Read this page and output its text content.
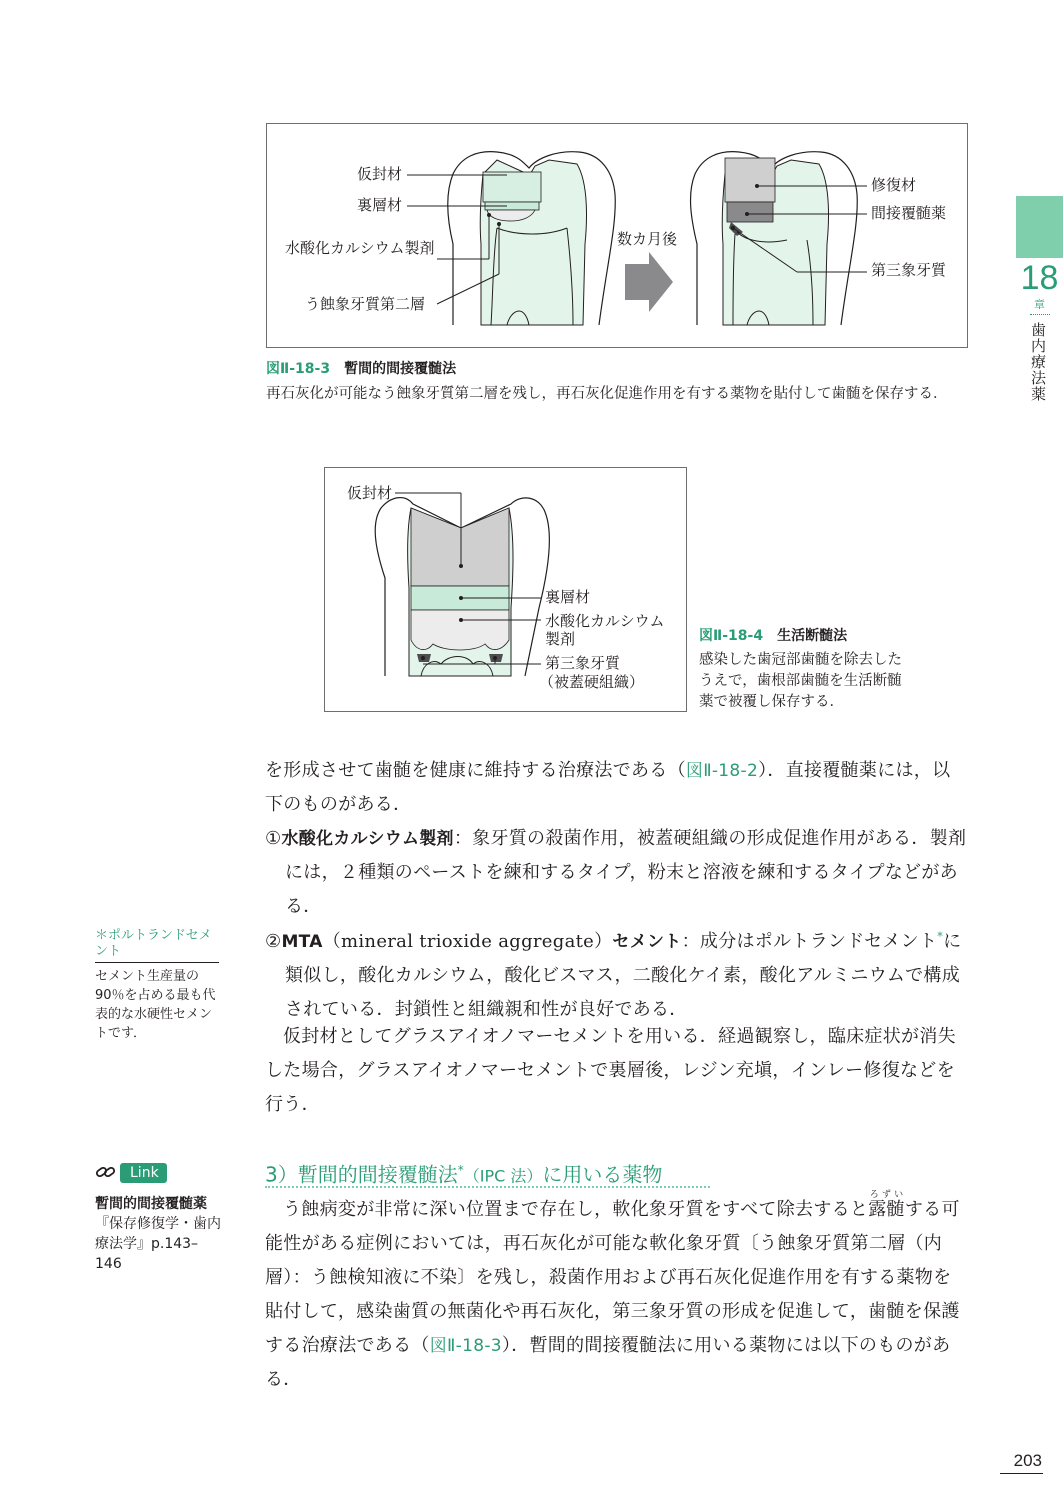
18
章
歯内療法薬
仮封材
裏層材
水酸化カルシウム製剤
う蝕象牙質第二層
数カ月後
修復材
間接覆髄薬
第三象牙質
図Ⅱ-18-3 暫間的間接覆髄法
再石灰化が可能なう蝕象牙質第二層を残し，再石灰化促進作用を有する薬物を貼付して歯髄を保存する．
仮封材
裏層材
水酸化カルシウム
製剤
第三象牙質
（被蓋硬組織）
図Ⅱ-18-4 生活断髄法
感染した歯冠部歯髄を除去したうえで，歯根部歯髄を生活断髄薬で被覆し保存する．
を形成させて歯髄を健康に維持する治療法である（図Ⅱ-18-2）．直接覆髄薬には，以下のものがある．
①水酸化カルシウム製剤：象牙質の殺菌作用，被蓋硬組織の形成促進作用がある．製剤には，２種類のペーストを練和するタイプ，粉末と溶液を練和するタイプなどがある．
②MTA（mineral trioxide aggregate）セメント：成分はポルトランドセメント*に類似し，酸化カルシウム，酸化ビスマス，二酸化ケイ素，酸化アルミニウムで構成されている．封鎖性と組織親和性が良好である．
仮封材としてグラスアイオノマーセメントを用いる．経過観察し，臨床症状が消失した場合，グラスアイオノマーセメントで裏層後，レジン充塡，インレー修復などを行う．
3）暫間的間接覆髄法*（IPC 法）に用いる薬物
う蝕病変が非常に深い位置まで存在し，軟化象牙質をすべて除去すると露髄ろずいする可能性がある症例においては，再石灰化が可能な軟化象牙質〔う蝕象牙質第二層（内層）：う蝕検知液に不染〕を残し，殺菌作用および再石灰化促進作用を有する薬物を貼付して，感染歯質の無菌化や再石灰化，第三象牙質の形成を促進して，歯髄を保護する治療法である（図Ⅱ-18-3）．暫間的間接覆髄法に用いる薬物には以下のものがある．
＊ポルトランドセメント
セメント生産量の90％を占める最も代表的な水硬性セメントです．
Link
暫間的間接覆髄薬
『保存修復学・歯内療法学』p.143–146
203
